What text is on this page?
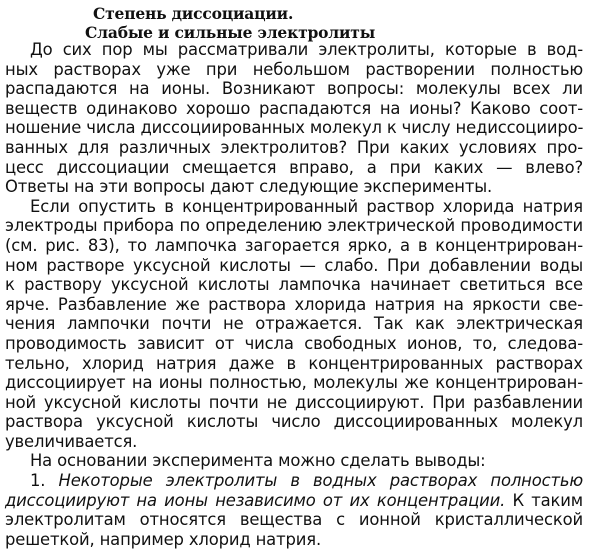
Степень диссоциации.
Слабые и сильные электролиты
До сих пор мы рассматривали электролиты, которые в вод-
ных растворах уже при небольшом растворении полностью
распадаются на ионы. Возникают вопросы: молекулы всех ли
веществ одинаково хорошо распадаются на ионы? Каково соот-
ношение числа диссоциированных молекул к числу недиссоцииро-
ванных для различных электролитов? При каких условиях про-
цесс диссоциации смещается вправо, а при каких — влево?
Ответы на эти вопросы дают следующие эксперименты.
Если опустить в концентрированный раствор хлорида натрия
электроды прибора по определению электрической проводимости
(см. рис. 83), то лампочка загорается ярко, а в концентрирован-
ном растворе уксусной кислоты — слабо. При добавлении воды
к раствору уксусной кислоты лампочка начинает светиться все
ярче. Разбавление же раствора хлорида натрия на яркости све-
чения лампочки почти не отражается. Так как электрическая
проводимость зависит от числа свободных ионов, то, следова-
тельно, хлорид натрия даже в концентрированных растворах
диссоциирует на ионы полностью, молекулы же концентрирован-
ной уксусной кислоты почти не диссоциируют. При разбавлении
раствора уксусной кислоты число диссоциированных молекул
увеличивается.
На основании эксперимента можно сделать выводы:
1. Некоторые электролиты в водных растворах полностью
диссоциируют на ионы независимо от их концентрации. К таким
электролитам относятся вещества с ионной кристаллической
решеткой, например хлорид натрия.
